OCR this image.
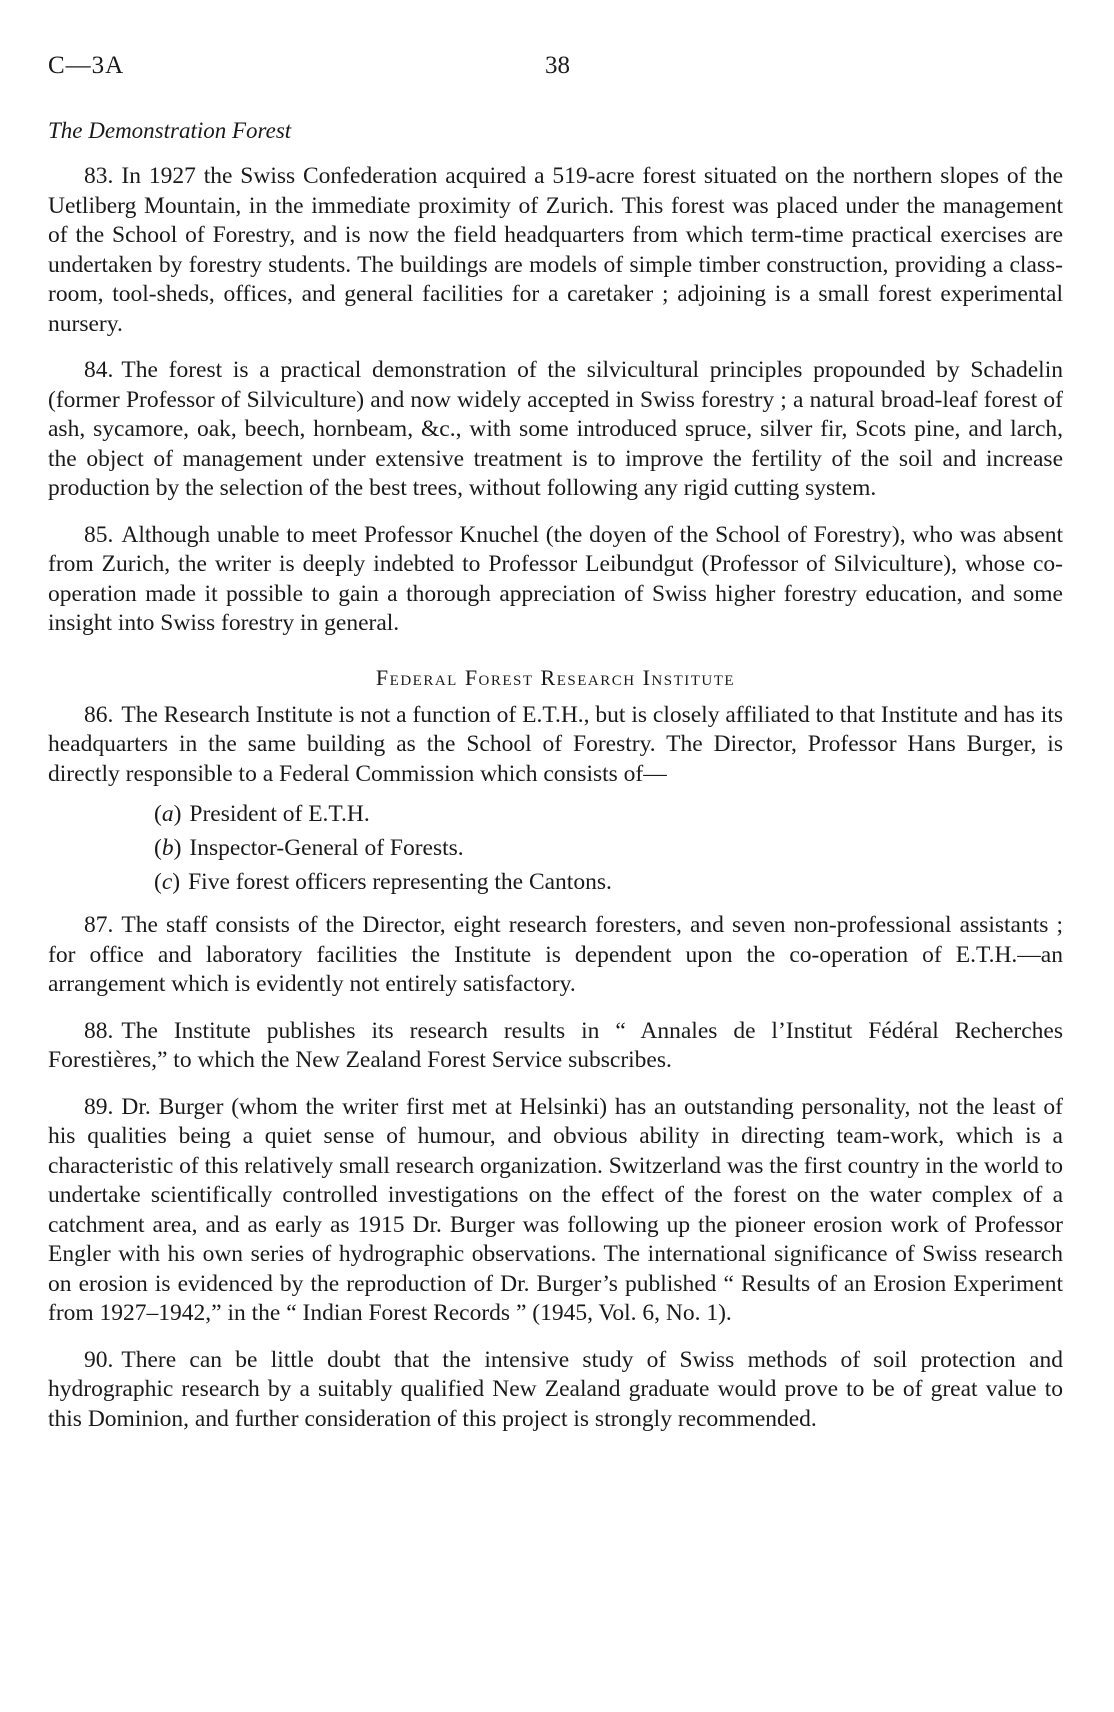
C—3A	38
The Demonstration Forest

83. In 1927 the Swiss Confederation acquired a 519-acre forest situated on the northern slopes of the Uetliberg Mountain, in the immediate proximity of Zurich. This forest was placed under the management of the School of Forestry, and is now the field headquarters from which term-time practical exercises are undertaken by forestry students. The buildings are models of simple timber construction, providing a class-room, tool-sheds, offices, and general facilities for a caretaker ; adjoining is a small forest experimental nursery.

84. The forest is a practical demonstration of the silvicultural principles propounded by Schadelin (former Professor of Silviculture) and now widely accepted in Swiss forestry ; a natural broad-leaf forest of ash, sycamore, oak, beech, hornbeam, &c., with some introduced spruce, silver fir, Scots pine, and larch, the object of management under extensive treatment is to improve the fertility of the soil and increase production by the selection of the best trees, without following any rigid cutting system.

85. Although unable to meet Professor Knuchel (the doyen of the School of Forestry), who was absent from Zurich, the writer is deeply indebted to Professor Leibundgut (Professor of Silviculture), whose co-operation made it possible to gain a thorough appreciation of Swiss higher forestry education, and some insight into Swiss forestry in general.

Federal Forest Research Institute

86. The Research Institute is not a function of E.T.H., but is closely affiliated to that Institute and has its headquarters in the same building as the School of Forestry. The Director, Professor Hans Burger, is directly responsible to a Federal Commission which consists of—

(a) President of E.T.H.
(b) Inspector-General of Forests.
(c) Five forest officers representing the Cantons.

87. The staff consists of the Director, eight research foresters, and seven non-professional assistants ; for office and laboratory facilities the Institute is dependent upon the co-operation of E.T.H.—an arrangement which is evidently not entirely satisfactory.

88. The Institute publishes its research results in “ Annales de l’Institut Fédéral Recherches Forestières,” to which the New Zealand Forest Service subscribes.

89. Dr. Burger (whom the writer first met at Helsinki) has an outstanding personality, not the least of his qualities being a quiet sense of humour, and obvious ability in directing team-work, which is a characteristic of this relatively small research organization. Switzerland was the first country in the world to undertake scientifically controlled investigations on the effect of the forest on the water complex of a catchment area, and as early as 1915 Dr. Burger was following up the pioneer erosion work of Professor Engler with his own series of hydrographic observations. The international significance of Swiss research on erosion is evidenced by the reproduction of Dr. Burger’s published “ Results of an Erosion Experiment from 1927–1942,” in the “ Indian Forest Records ” (1945, Vol. 6, No. 1).

90. There can be little doubt that the intensive study of Swiss methods of soil protection and hydrographic research by a suitably qualified New Zealand graduate would prove to be of great value to this Dominion, and further consideration of this project is strongly recommended.
